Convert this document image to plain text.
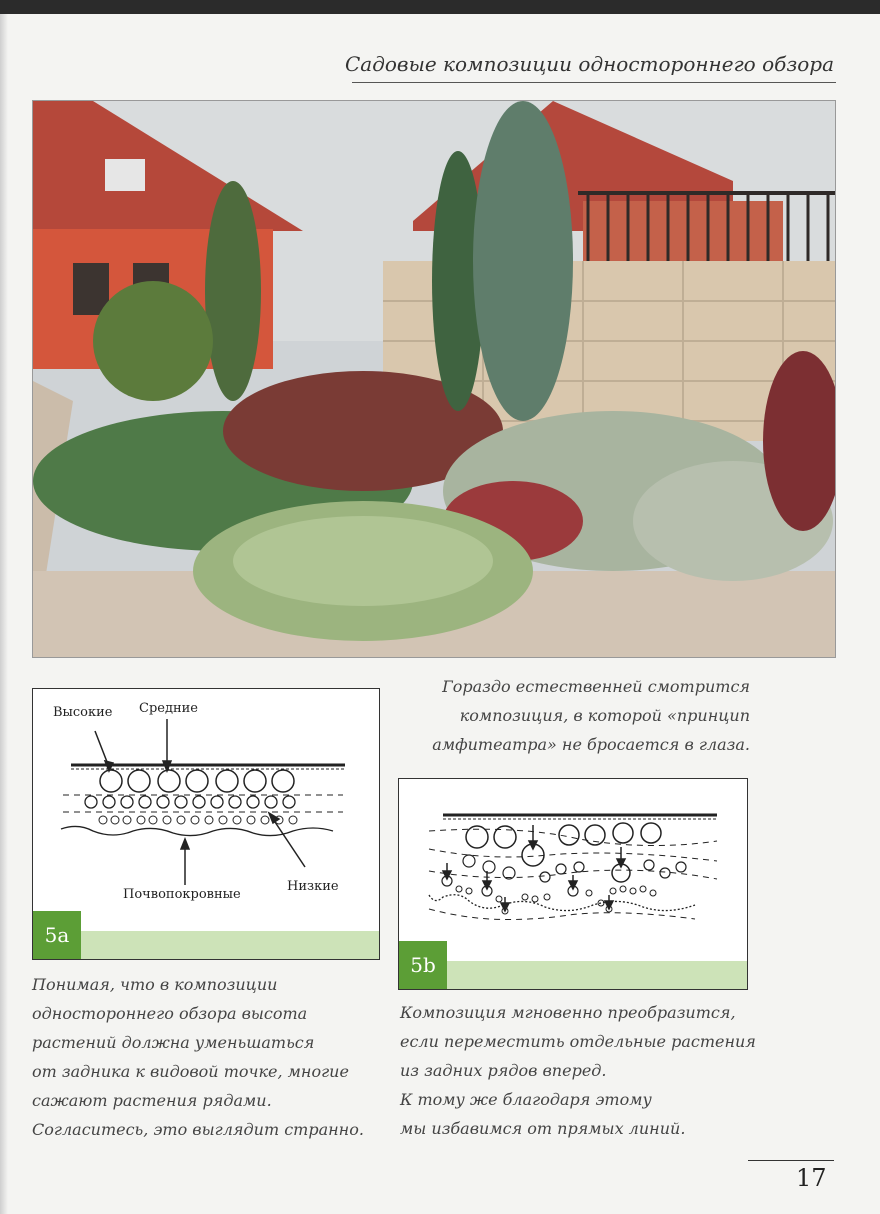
Садовые композиции одностороннего обзора
Гораздо естественней смотрится
композиция, в которой «принцип
амфитеатра» не бросается в глаза.
Высокие Средние
Почвопокровные
Низкие
5a
5b
Понимая, что в композиции
одностороннего обзора высота
растений должна уменьшаться
от задника к видовой точке, многие
сажают растения рядами.
Согласитесь, это выглядит странно.
Композиция мгновенно преобразится,
если переместить отдельные растения
из задних рядов вперед.
К тому же благодаря этому
мы избавимся от прямых линий.
17
